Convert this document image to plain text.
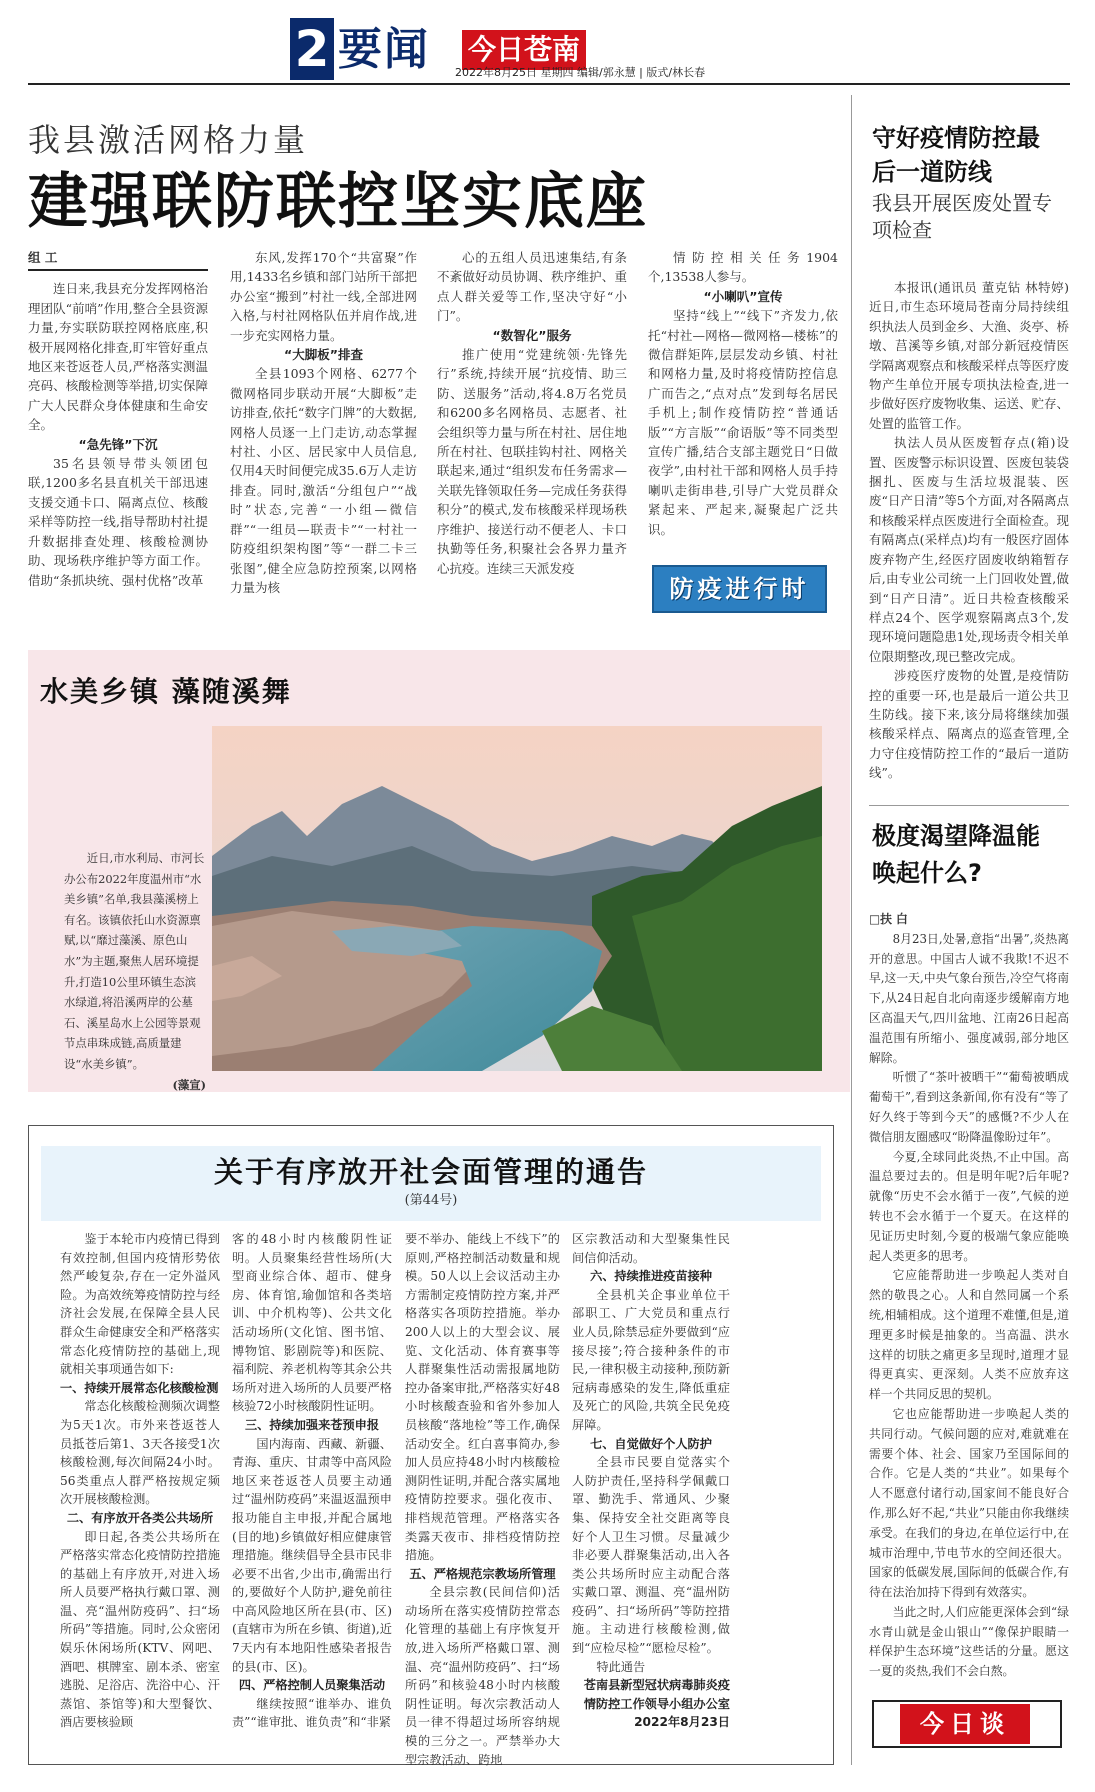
2 要闻 今日苍南
2022年8月25日 星期四 编辑/郭永慧 | 版式/林长春
我县激活网格力量
建强联防联控坚实底座

组 工

连日来,我县充分发挥网格治理团队“前哨”作用,整合全县资源力量,夯实联防联控网格底座,积极开展网格化排查,盯牢管好重点地区来苍返苍人员,严格落实测温亮码、核酸检测等举措,切实保障广大人民群众身体健康和生命安全。

“急先锋”下沉

35名县领导带头领团包联,1200多名县直机关干部迅速支援交通卡口、隔离点位、核酸采样等防控一线,指导帮助村社提升数据排查处理、核酸检测协助、现场秩序维护等方面工作。借助“条抓块统、强村优格”改革

东风,发挥170个“共富聚”作用,1433名乡镇和部门站所干部把办公室“搬到”村社一线,全部进网入格,与村社网格队伍并肩作战,进一步充实网格力量。

“大脚板”排查

全县1093个网格、6277个微网格同步联动开展“大脚板”走访排查,依托“数字门牌”的大数据,网格人员逐一上门走访,动态掌握村社、小区、居民家中人员信息,仅用4天时间便完成35.6万人走访排查。同时,激活“分组包户”“战时”状态,完善“一小组—微信群”“一组员—联责卡”“一村社一防疫组织架构图”等“一群二卡三张图”,健全应急防控预案,以网格力量为核

心的五组人员迅速集结,有条不紊做好动员协调、秩序维护、重点人群关爱等工作,坚决守好“小门”。

“数智化”服务

推广使用“党建统领·先锋先行”系统,持续开展“抗疫情、助三防、送服务”活动,将4.8万名党员和6200多名网格员、志愿者、社会组织等力量与所在村社、居住地所在村社、包联挂钩村社、网格关联起来,通过“组织发布任务需求—关联先锋领取任务—完成任务获得积分”的模式,发布核酸采样现场秩序维护、接送行动不便老人、卡口执勤等任务,积聚社会各界力量齐心抗疫。连续三天派发疫

情防控相关任务1904个,13538人参与。

“小喇叭”宣传

坚持“线上”“线下”齐发力,依托“村社—网格—微网格—楼栋”的微信群矩阵,层层发动乡镇、村社和网格力量,及时将疫情防控信息广而告之,“点对点”发到每名居民手机上;制作疫情防控“普通话版”“方言版”“俞语版”等不同类型宣传广播,结合支部主题党日“日做夜学”,由村社干部和网格人员手持喇叭走街串巷,引导广大党员群众紧起来、严起来,凝聚起广泛共识。

防疫进行时
守好疫情防控最后一道防线
我县开展医废处置专项检查

本报讯(通讯员 董克钻 林特婷)近日,市生态环境局苍南分局持续组织执法人员到金乡、大渔、炎亭、桥墩、莒溪等乡镇,对部分新冠疫情医学隔离观察点和核酸采样点等医疗废物产生单位开展专项执法检查,进一步做好医疗废物收集、运送、贮存、处置的监管工作。

执法人员从医废暂存点(箱)设置、医废警示标识设置、医废包装袋捆扎、医废与生活垃圾混装、医废“日产日清”等5个方面,对各隔离点和核酸采样点医废进行全面检查。现有隔离点(采样点)均有一般医疗固体废弃物产生,经医疗固废收纳箱暂存后,由专业公司统一上门回收处置,做到“日产日清”。近日共检查核酸采样点24个、医学观察隔离点3个,发现环境问题隐患1处,现场责令相关单位限期整改,现已整改完成。

涉疫医疗废物的处置,是疫情防控的重要一环,也是最后一道公共卫生防线。接下来,该分局将继续加强核酸采样点、隔离点的巡查管理,全力守住疫情防控工作的“最后一道防线”。

极度渴望降温能唤起什么?

□扶 白

8月23日,处暑,意指“出暑”,炎热离开的意思。中国古人诚不我欺!不迟不早,这一天,中央气象台预告,冷空气将南下,从24日起自北向南逐步缓解南方地区高温天气,四川盆地、江南26日起高温范围有所缩小、强度减弱,部分地区解除。

听惯了“茶叶被晒干”“葡萄被晒成葡萄干”,看到这条新闻,你有没有“等了好久终于等到今天”的感慨?不少人在微信朋友圈感叹“盼降温像盼过年”。

今夏,全球同此炎热,不止中国。高温总要过去的。但是明年呢?后年呢?就像“历史不会水循于一夜”,气候的逆转也不会水循于一个夏天。在这样的见证历史时刻,今夏的极端气象应能唤起人类更多的思考。

它应能帮助进一步唤起人类对自然的敬畏之心。人和自然同属一个系统,相辅相成。这个道理不难懂,但是,道理更多时候是抽象的。当高温、洪水这样的切肤之痛更多呈现时,道理才显得更真实、更深刻。人类不应放弃这样一个共同反思的契机。

它也应能帮助进一步唤起人类的共同行动。气候问题的应对,难就难在需要个体、社会、国家乃至国际间的合作。它是人类的“共业”。如果每个人不愿意付诸行动,国家间不能良好合作,那么好不起,“共业”只能由你我继续承受。在我们的身边,在单位运行中,在城市治理中,节电节水的空间还很大。国家的低碳发展,国际间的低碳合作,有待在法治加持下得到有效落实。

当此之时,人们应能更深体会到“绿水青山就是金山银山”“像保护眼睛一样保护生态环境”这些话的分量。愿这一夏的炎热,我们不会白熬。

今日谈
水美乡镇 藻随溪舞

近日,市水利局、市河长办公布2022年度温州市“水美乡镇”名单,我县藻溪榜上有名。该镇依托山水资源禀赋,以“靡过藻溪、原色山水”为主题,聚焦人居环境提升,打造10公里环镇生态滨水绿道,将沿溪两岸的公墓石、溪星岛水上公园等景观节点串珠成链,高质量建设“水美乡镇”。

(藻宣)
关于有序放开社会面管理的通告
(第44号)

鉴于本轮市内疫情已得到有效控制,但国内疫情形势依然严峻复杂,存在一定外溢风险。为高效统筹疫情防控与经济社会发展,在保障全县人民群众生命健康安全和严格落实常态化疫情防控的基础上,现就相关事项通告如下:

一、持续开展常态化核酸检测

常态化核酸检测频次调整为5天1次。市外来苍返苍人员抵苍后第1、3天各接受1次核酸检测,每次间隔24小时。56类重点人群严格按规定频次开展核酸检测。

二、有序放开各类公共场所

即日起,各类公共场所在严格落实常态化疫情防控措施的基础上有序放开,对进入场所人员要严格执行戴口罩、测温、亮“温州防疫码”、扫“场所码”等措施。同时,公众密闭娱乐休闲场所(KTV、网吧、酒吧、棋牌室、剧本杀、密室逃脱、足浴店、洗浴中心、汗蒸馆、茶馆等)和大型餐饮、酒店要核验顾

客的48小时内核酸阴性证明。人员聚集经营性场所(大型商业综合体、超市、健身房、体育馆,瑜伽馆和各类培训、中介机构等)、公共文化活动场所(文化馆、图书馆、博物馆、影剧院等)和医院、福利院、养老机构等其余公共场所对进入场所的人员要严格核验72小时核酸阴性证明。

三、持续加强来苍预申报

国内海南、西藏、新疆、青海、重庆、甘肃等中高风险地区来苍返苍人员要主动通过“温州防疫码”来温返温预申报功能自主申报,并配合属地(目的地)乡镇做好相应健康管理措施。继续倡导全县市民非必要不出省,少出市,确需出行的,要做好个人防护,避免前往中高风险地区所在县(市、区)(直辖市为所在乡镇、街道),近7天内有本地阳性感染者报告的县(市、区)。

四、严格控制人员聚集活动

继续按照“谁举办、谁负责”“谁审批、谁负责”和“非紧

要不举办、能线上不线下”的原则,严格控制活动数量和规模。50人以上会议活动主办方需制定疫情防控方案,并严格落实各项防控措施。举办200人以上的大型会议、展览、文化活动、体育赛事等人群聚集性活动需报属地防控办备案审批,严格落实好48小时核酸查验和省外参加人员核酸“落地检”等工作,确保活动安全。红白喜事简办,参加人员应持48小时内核酸检测阴性证明,并配合落实属地疫情防控要求。强化夜市、排档规范管理。严格落实各类露天夜市、排档疫情防控措施。

五、严格规范宗教场所管理

全县宗教(民间信仰)活动场所在落实疫情防控常态化管理的基础上有序恢复开放,进入场所严格戴口罩、测温、亮“温州防疫码”、扫“场所码”和核验48小时内核酸阴性证明。每次宗教活动人员一律不得超过场所容纳规模的三分之一。严禁举办大型宗教活动、跨地

区宗教活动和大型聚集性民间信仰活动。

六、持续推进疫苗接种

全县机关企事业单位干部职工、广大党员和重点行业人员,除禁忌症外要做到“应接尽接”;符合接种条件的市民,一律积极主动接种,预防新冠病毒感染的发生,降低重症及死亡的风险,共筑全民免疫屏障。

七、自觉做好个人防护

全县市民要自觉落实个人防护责任,坚持科学佩戴口罩、勤洗手、常通风、少聚集、保持安全社交距离等良好个人卫生习惯。尽量减少非必要人群聚集活动,出入各类公共场所时应主动配合落实戴口罩、测温、亮“温州防疫码”、扫“场所码”等防控措施。主动进行核酸检测,做到“应检尽检”“愿检尽检”。

特此通告

苍南县新型冠状病毒肺炎疫情防控工作领导小组办公室

2022年8月23日
